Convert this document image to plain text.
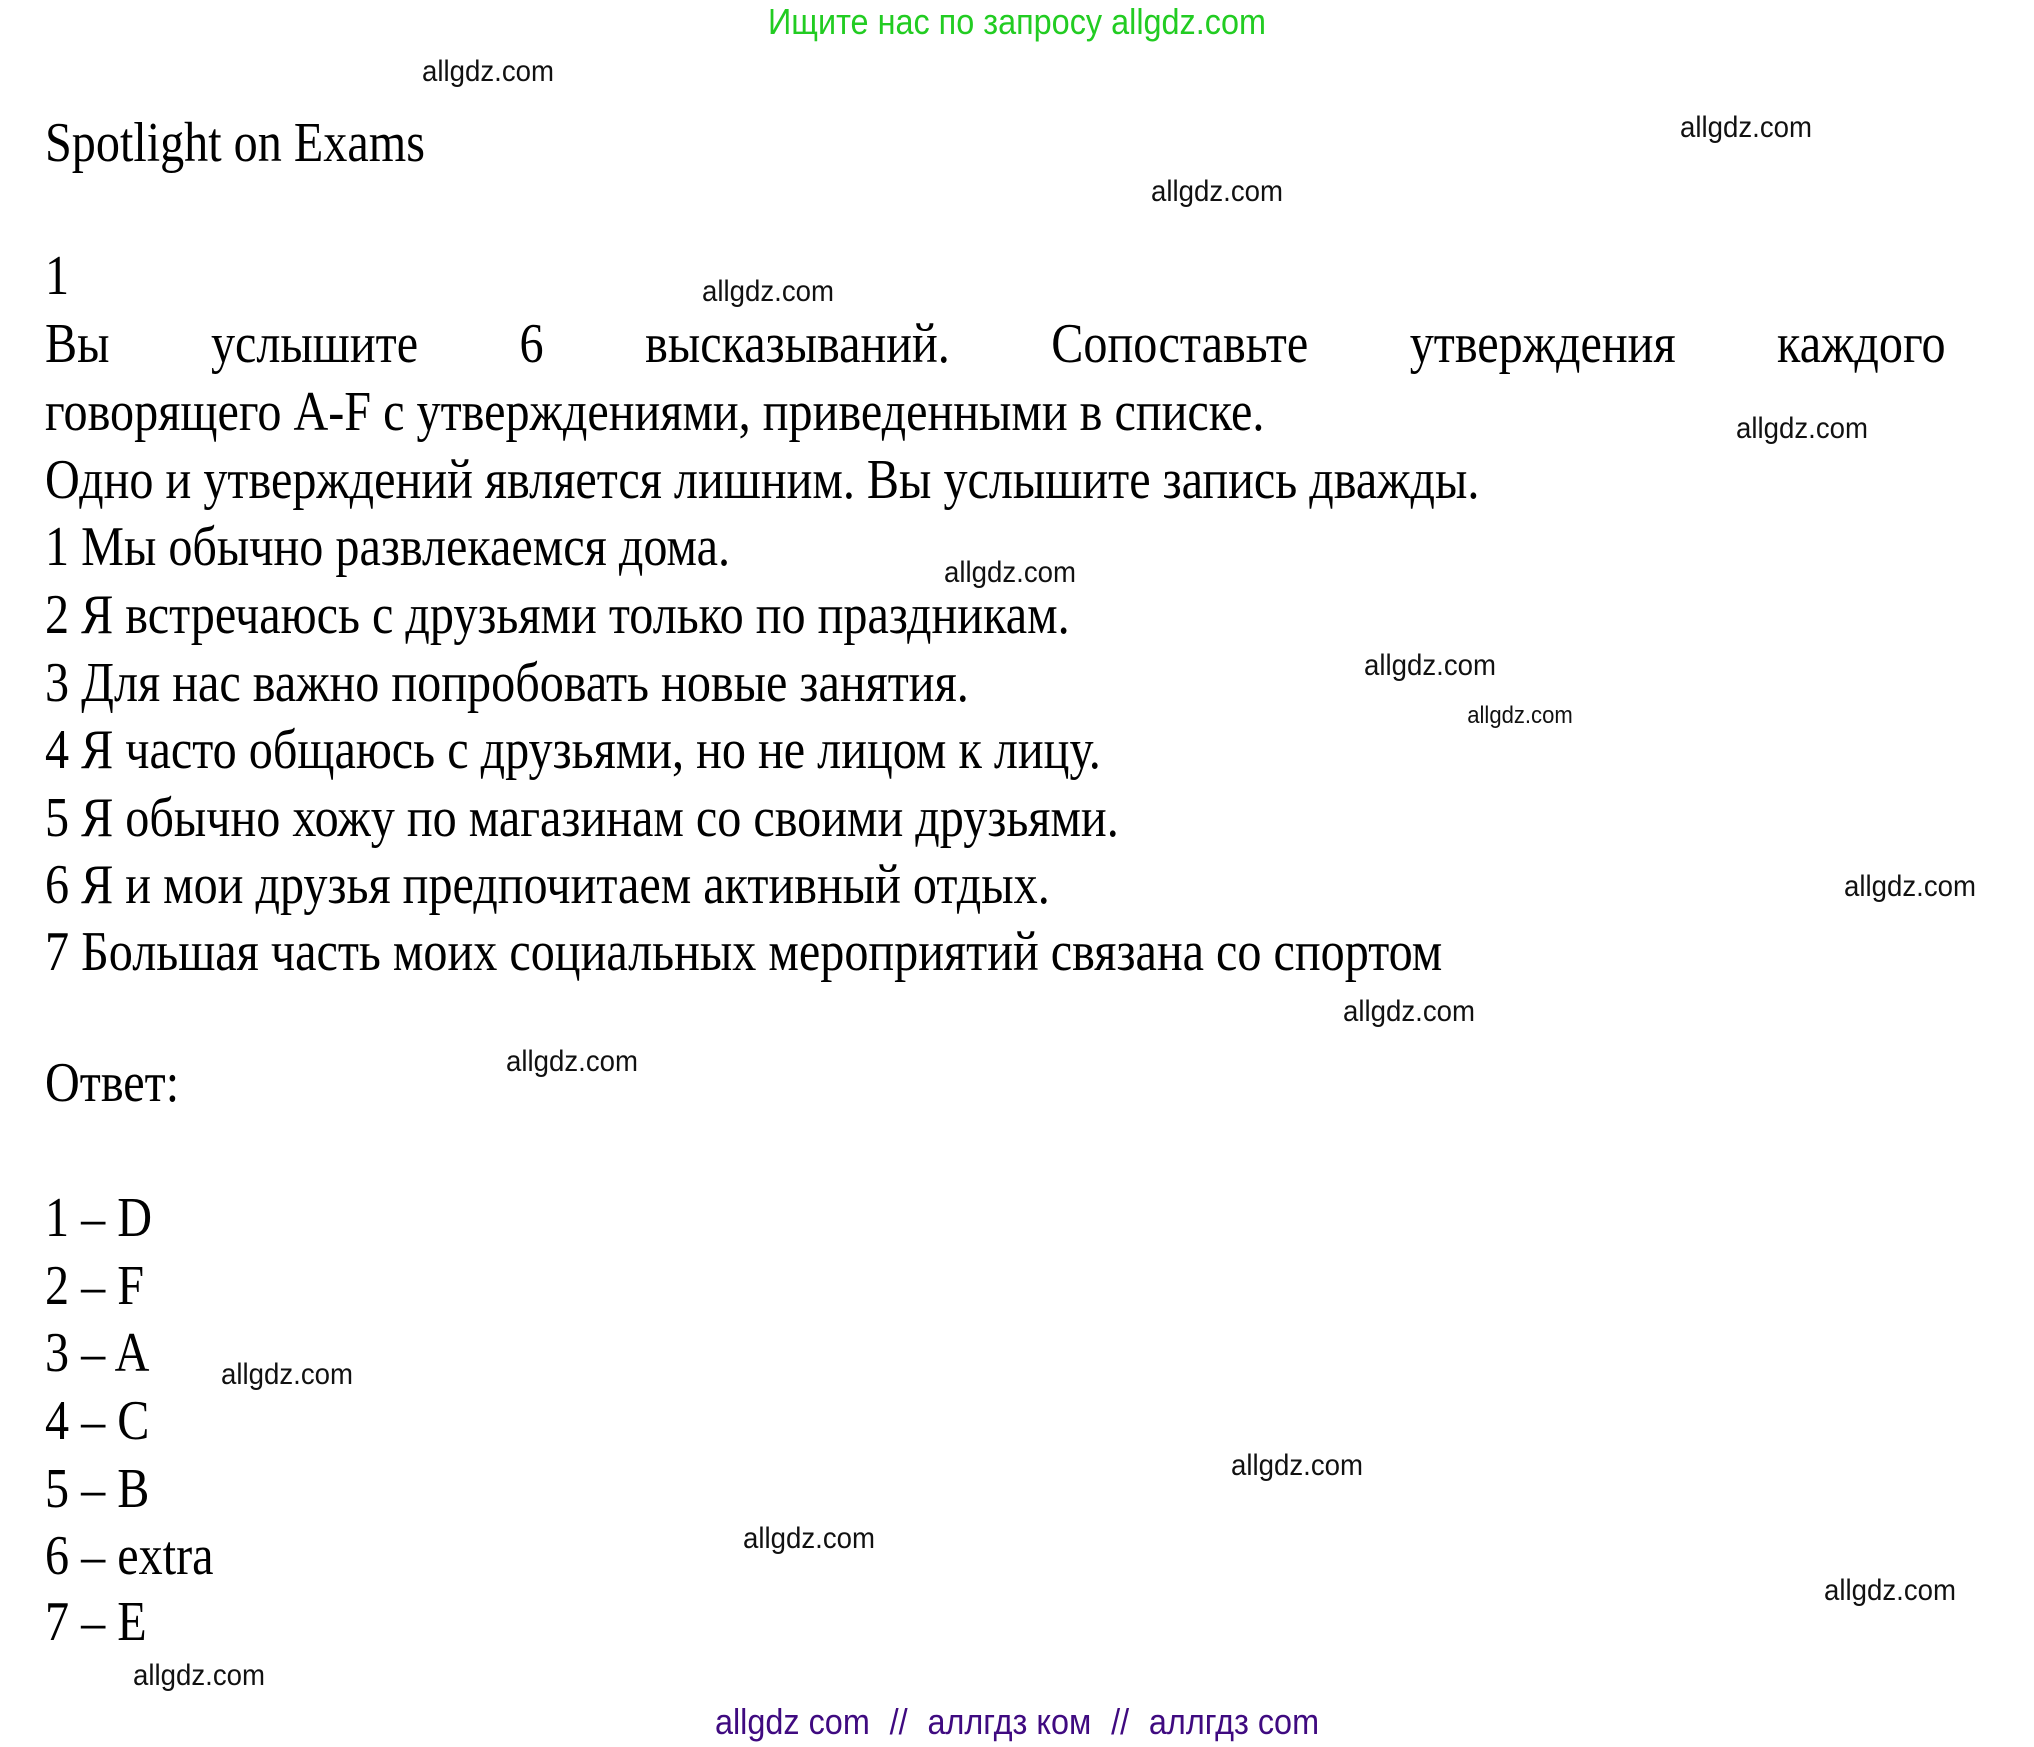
Ищите нас по запросу allgdz.com
Spotlight on Exams
1
Вы услышите 6 высказываний. Сопоставьте утверждения каждого
говорящего A-F с утверждениями, приведенными в списке.
Одно и утверждений является лишним. Вы услышите запись дважды.
1 Мы обычно развлекаемся дома.
2 Я встречаюсь с друзьями только по праздникам.
3 Для нас важно попробовать новые занятия.
4 Я часто общаюсь с друзьями, но не лицом к лицу.
5 Я обычно хожу по магазинам со своими друзьями.
6 Я и мои друзья предпочитаем активный отдых.
7 Большая часть моих социальных мероприятий связана со спортом
Ответ:
1 – D
2 – F
3 – A
4 – C
5 – B
6 – extra
7 – E
allgdz.com
allgdz.com
allgdz.com
allgdz.com
allgdz.com
allgdz.com
allgdz.com
allgdz.com
allgdz.com
allgdz.com
allgdz.com
allgdz.com
allgdz.com
allgdz.com
allgdz.com
allgdz.com
allgdz com // аллгдз ком // аллгдз com
